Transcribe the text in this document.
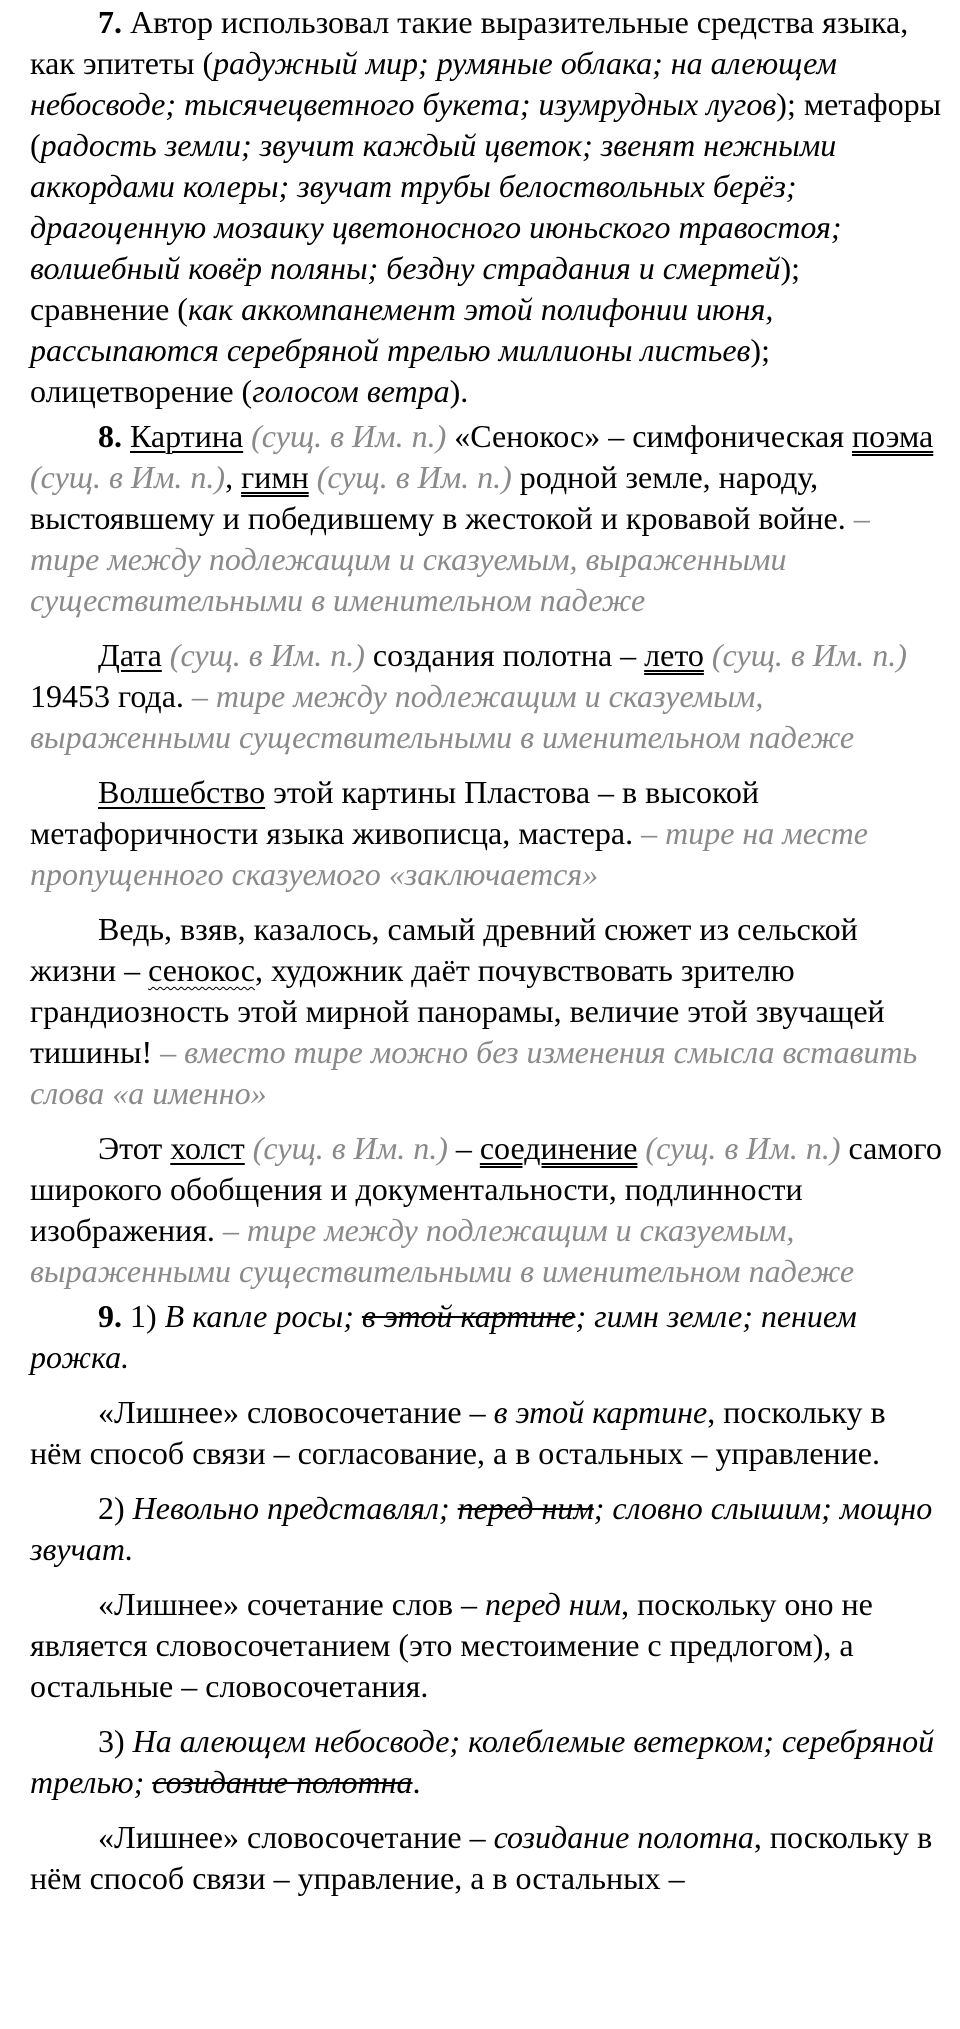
7. Автор использовал такие выразительные средства языка, как эпитеты (радужный мир; румяные облака; на алеющем небосводе; тысячецветного букета; изумрудных лугов); метафоры (радость земли; звучит каждый цветок; звенят нежными аккордами колеры; звучат трубы белоствольных берёз; драгоценную мозаику цветоносного июньского травостоя; волшебный ковёр поляны; бездну страдания и смертей); сравнение (как аккомпанемент этой полифонии июня, рассыпаются серебряной трелью миллионы листьев); олицетворение (голосом ветра).

8. Картина (сущ. в Им. п.) «Сенокос» – симфоническая поэма (сущ. в Им. п.), гимн (сущ. в Им. п.) родной земле, народу, выстоявшему и победившему в жестокой и кровавой войне. – тире между подлежащим и сказуемым, выраженными существительными в именительном падеже

Дата (сущ. в Им. п.) создания полотна – лето (сущ. в Им. п.) 19453 года. – тире между подлежащим и сказуемым, выраженными существительными в именительном падеже

Волшебство этой картины Пластова – в высокой метафоричности языка живописца, мастера. – тире на месте пропущенного сказуемого «заключается»

Ведь, взяв, казалось, самый древний сюжет из сельской жизни – сенокос, художник даёт почувствовать зрителю грандиозность этой мирной панорамы, величие этой звучащей тишины! – вместо тире можно без изменения смысла вставить слова «а именно»

Этот холст (сущ. в Им. п.) – соединение (сущ. в Им. п.) самого широкого обобщения и документальности, подлинности изображения. – тире между подлежащим и сказуемым, выраженными существительными в именительном падеже

9. 1) В капле росы; в этой картине; гимн земле; пением рожка.

«Лишнее» словосочетание – в этой картине, поскольку в нём способ связи – согласование, а в остальных – управление.

2) Невольно представлял; перед ним; словно слышим; мощно звучат.

«Лишнее» сочетание слов – перед ним, поскольку оно не является словосочетанием (это местоимение с предлогом), а остальные – словосочетания.

3) На алеющем небосводе; колеблемые ветерком; серебряной трелью; созидание полотна.

«Лишнее» словосочетание – созидание полотна, поскольку в нём способ связи – управление, а в остальных –
